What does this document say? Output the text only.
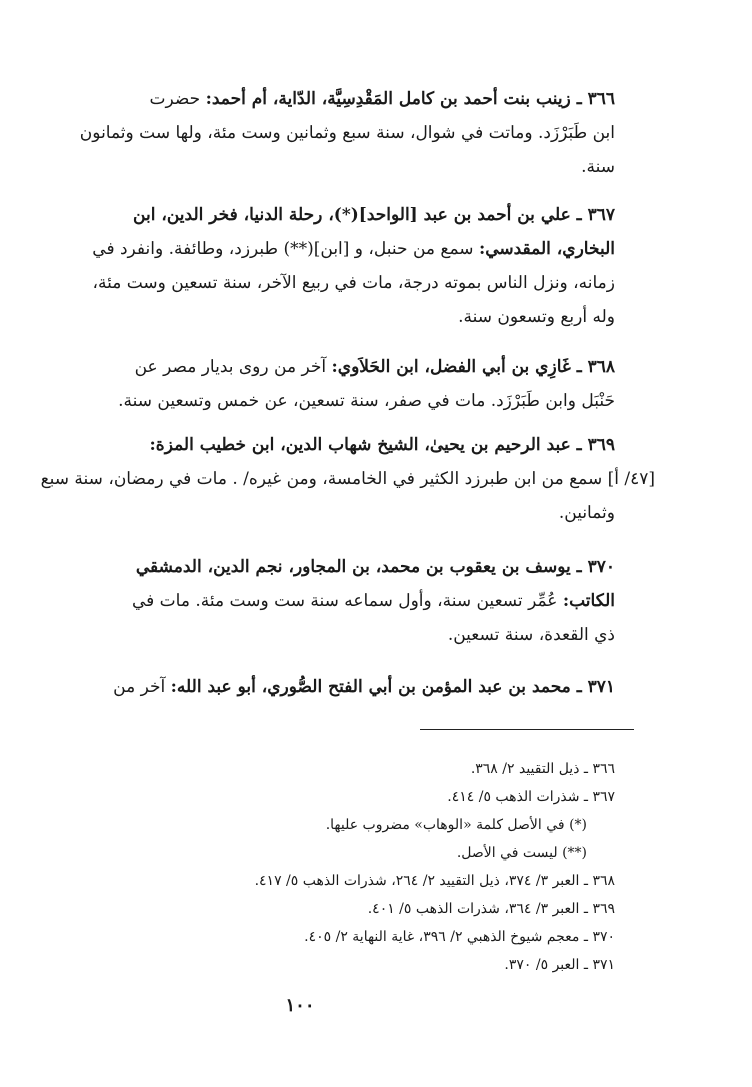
٣٦٦ ـ زينب بنت أحمد بن كامل المَقْدِسِيَّة، الدّاية، أم أحمد: حضرت
ابن طَبَرْزَد. وماتت في شوال، سنة سبع وثمانين وست مئة، ولها ست وثمانون
سنة.
٣٦٧ ـ علي بن أحمد بن عبد [الواحد](*)، رحلة الدنيا، فخر الدين، ابن
البخاري، المقدسي: سمع من حنبل، و [ابن](**) طبرزد، وطائفة. وانفرد في
زمانه، ونزل الناس بموته درجة، مات في ربيع الآخر، سنة تسعين وست مئة،
وله أربع وتسعون سنة.
٣٦٨ ـ غَازِي بن أبي الفضل، ابن الحَلاَوي: آخر من روى بديار مصر عن
حَنْبَل وابن طَبَرْزَد. مات في صفر، سنة تسعين، عن خمس وتسعين سنة.
٣٦٩ ـ عبد الرحيم بن يحيىٰ، الشيخ شهاب الدين، ابن خطيب المزة:
[٤٧/ أ] سمع من ابن طبرزد الكثير في الخامسة، ومن غيره/ . مات في رمضان، سنة سبع
وثمانين.
٣٧٠ ـ يوسف بن يعقوب بن محمد، بن المجاور، نجم الدين، الدمشقي
الكاتب: عُمِّر تسعين سنة، وأول سماعه سنة ست وست مئة. مات في
ذي القعدة، سنة تسعين.
٣٧١ ـ محمد بن عبد المؤمن بن أبي الفتح الصُّوري، أبو عبد الله: آخر من
٣٦٦ ـ ذيل التقييد ٢/ ٣٦٨.
٣٦٧ ـ شذرات الذهب ٥/ ٤١٤.
(*) في الأصل كلمة «الوهاب» مضروب عليها.
(**) ليست في الأصل.
٣٦٨ ـ العبر ٣/ ٣٧٤، ذيل التقييد ٢/ ٢٦٤، شذرات الذهب ٥/ ٤١٧.
٣٦٩ ـ العبر ٣/ ٣٦٤، شذرات الذهب ٥/ ٤٠١.
٣٧٠ ـ معجم شيوخ الذهبي ٢/ ٣٩٦، غاية النهاية ٢/ ٤٠٥.
٣٧١ ـ العبر ٥/ ٣٧٠.
١٠٠
